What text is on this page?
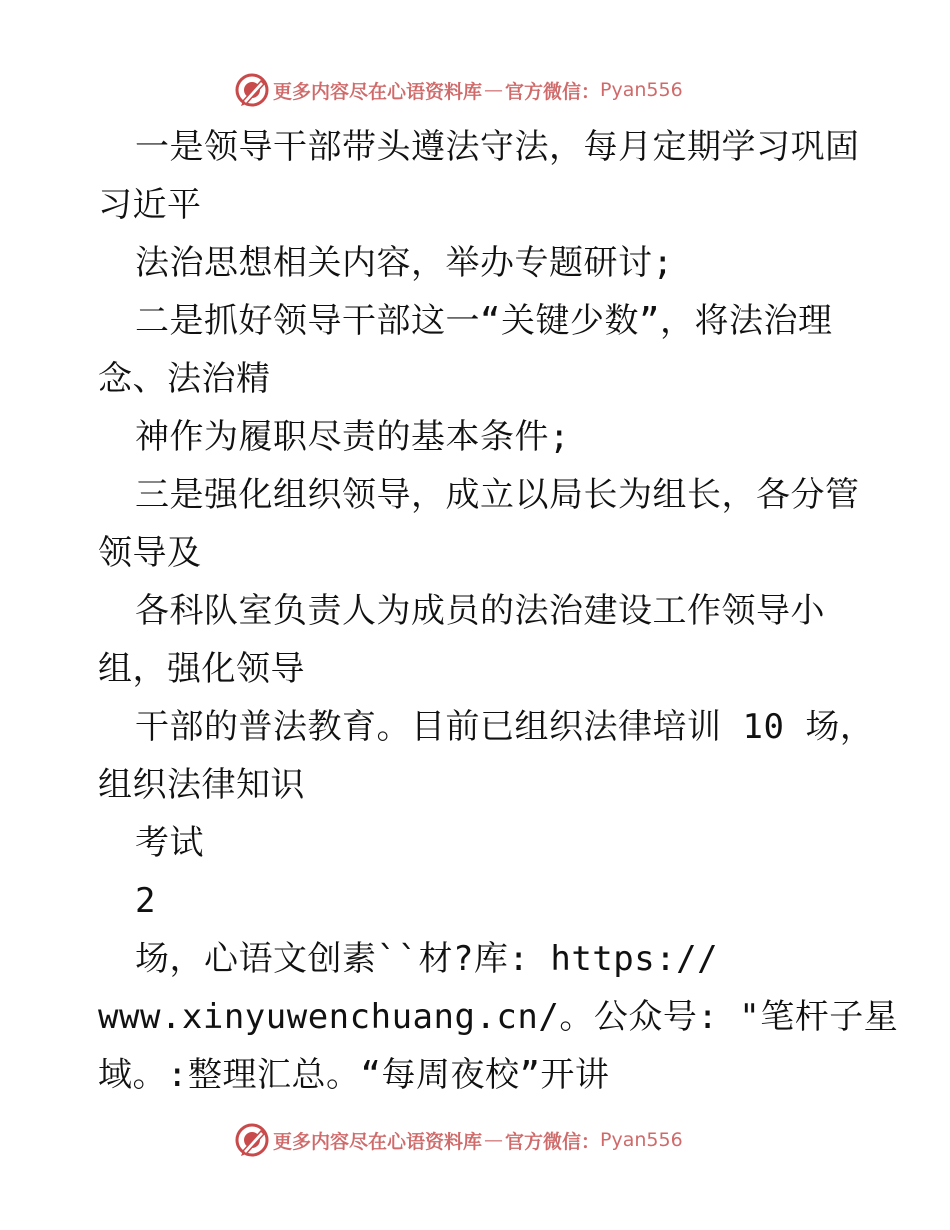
更多内容尽在心语资料库 — 官方微信： Pyan556
一是领导干部带头遵法守法，每月定期学习巩固
习近平
法治思想相关内容，举办专题研讨;
二是抓好领导干部这一“关键少数”，将法治理
念、法治精
神作为履职尽责的基本条件;
三是强化组织领导，成立以局长为组长，各分管
领导及
各科队室负责人为成员的法治建设工作领导小
组，强化领导
干部的普法教育。目前已组织法律培训 10 场，
组织法律知识
考试
2
场，心语文创素``材?库: https://
www.xinyuwenchuang.cn/。公众号: "笔杆子星
域。:整理汇总。“每周夜校”开讲
更多内容尽在心语资料库 — 官方微信： Pyan556
